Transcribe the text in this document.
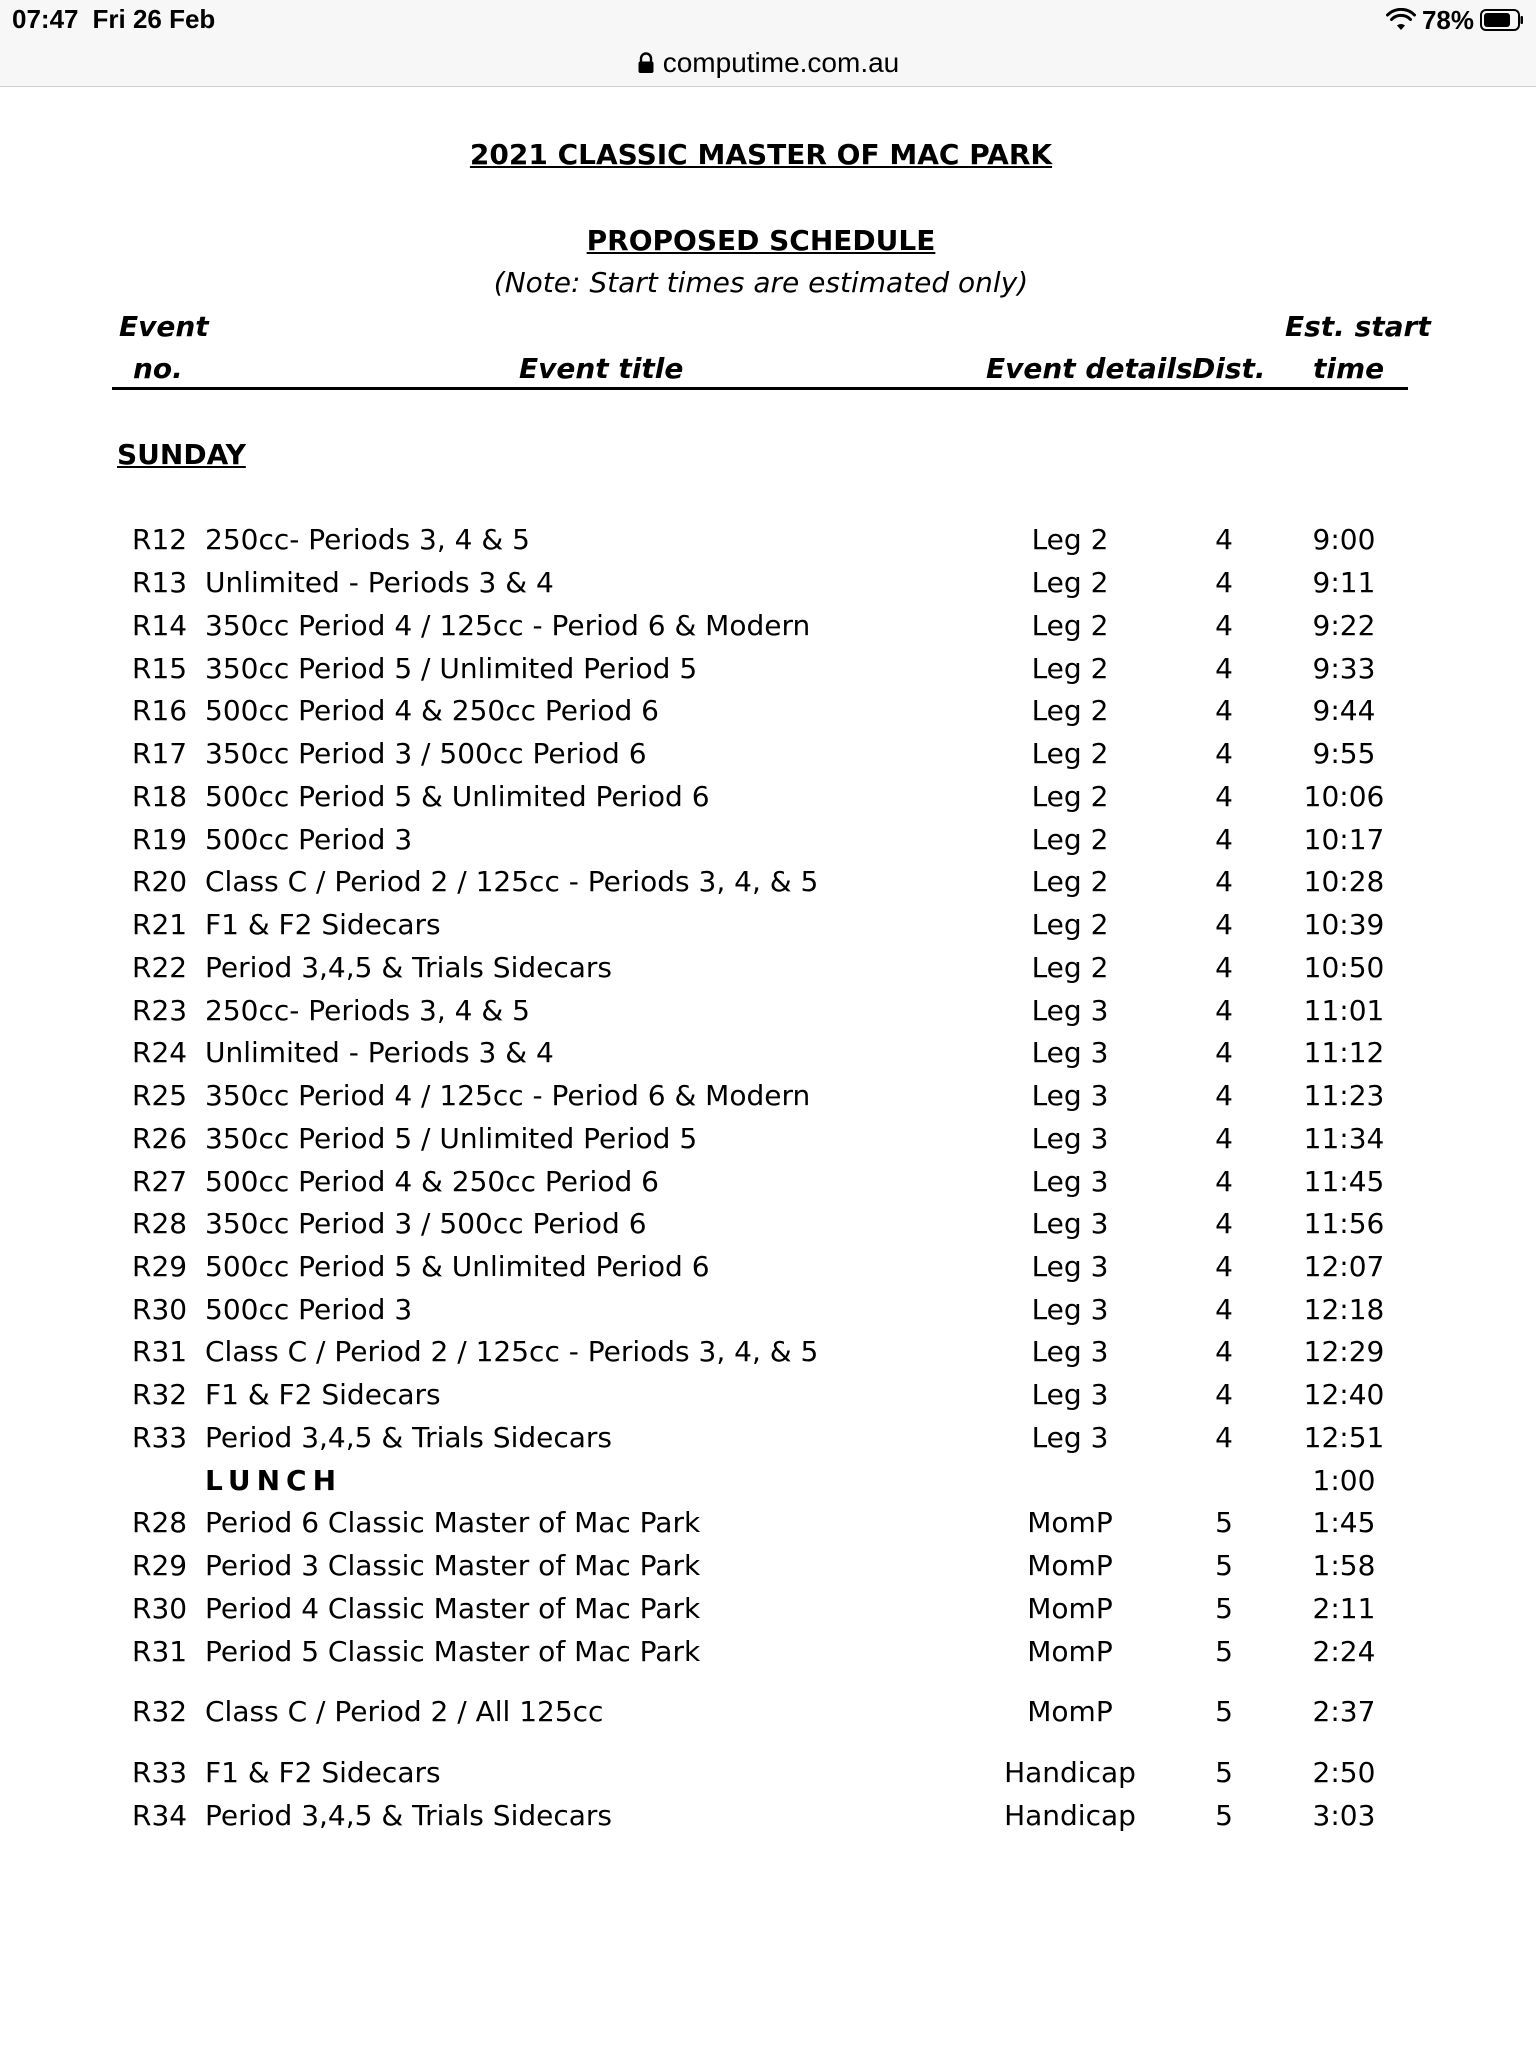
07:47 Fri 26 Feb	78%
computime.com.au
2021 CLASSIC MASTER OF MAC PARK
PROPOSED SCHEDULE
(Note: Start times are estimated only)
Event
no.	Event title	Event details Dist.
Est. start
time
SUNDAY
R12 250cc- Periods 3, 4 & 5	Leg 2	4	9:00
R13 Unlimited - Periods 3 & 4	Leg 2	4	9:11
R14 350cc Period 4 / 125cc - Period 6 & Modern	Leg 2	4	9:22
R15 350cc Period 5 / Unlimited Period 5	Leg 2	4	9:33
R16 500cc Period 4 & 250cc Period 6	Leg 2	4	9:44
R17 350cc Period 3 / 500cc Period 6	Leg 2	4	9:55
R18 500cc Period 5 & Unlimited Period 6	Leg 2	4	10:06
R19 500cc Period 3	Leg 2	4	10:17
R20 Class C / Period 2 / 125cc - Periods 3, 4, & 5	Leg 2	4	10:28
R21 F1 & F2 Sidecars	Leg 2	4	10:39
R22 Period 3,4,5 & Trials Sidecars	Leg 2	4	10:50
R23 250cc- Periods 3, 4 & 5	Leg 3	4	11:01
R24 Unlimited - Periods 3 & 4	Leg 3	4	11:12
R25 350cc Period 4 / 125cc - Period 6 & Modern	Leg 3	4	11:23
R26 350cc Period 5 / Unlimited Period 5	Leg 3	4	11:34
R27 500cc Period 4 & 250cc Period 6	Leg 3	4	11:45
R28 350cc Period 3 / 500cc Period 6	Leg 3	4	11:56
R29 500cc Period 5 & Unlimited Period 6	Leg 3	4	12:07
R30 500cc Period 3	Leg 3	4	12:18
R31 Class C / Period 2 / 125cc - Periods 3, 4, & 5	Leg 3	4	12:29
R32 F1 & F2 Sidecars	Leg 3	4	12:40
R33 Period 3,4,5 & Trials Sidecars	Leg 3	4	12:51
LUNCH	1:00
R28 Period 6 Classic Master of Mac Park	MomP	5	1:45
R29 Period 3 Classic Master of Mac Park	MomP	5	1:58
R30 Period 4 Classic Master of Mac Park	MomP	5	2:11
R31 Period 5 Classic Master of Mac Park	MomP	5	2:24
R32 Class C / Period 2 / All 125cc	MomP	5	2:37
R33 F1 & F2 Sidecars	Handicap	5	2:50
R34 Period 3,4,5 & Trials Sidecars	Handicap	5	3:03
